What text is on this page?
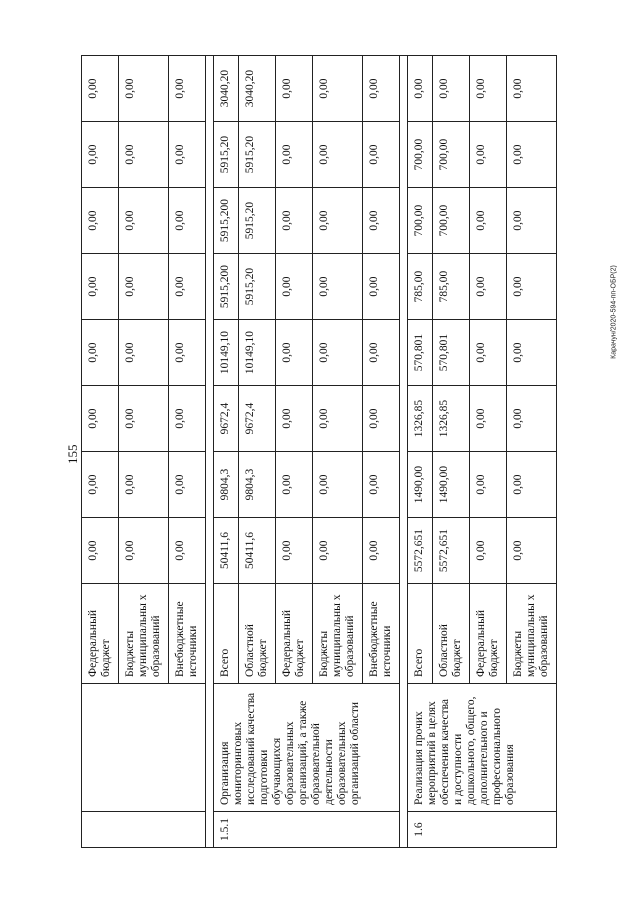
155
		Федеральный бюджет	0,00	0,00	0,00	0,00	0,00	0,00	0,00	0,00
		Бюджеты муниципальны х образований	0,00	0,00	0,00	0,00	0,00	0,00	0,00	0,00
		Внебюджетные источники	0,00	0,00	0,00	0,00	0,00	0,00	0,00	0,00

1.5.1	Организация мониторинговых исследований качества подготовки обучающихся образовательных организаций, а также образовательной деятельности образовательных организаций области	Всего	50411,6	9804,3	9672,4	10149,10	5915,200	5915,200	5915,20	3040,20
		Областной бюджет	50411,6	9804,3	9672,4	10149,10	5915,20	5915,20	5915,20	3040,20
		Федеральный бюджет	0,00	0,00	0,00	0,00	0,00	0,00	0,00	0,00
		Бюджеты муниципальны х образований	0,00	0,00	0,00	0,00	0,00	0,00	0,00	0,00
		Внебюджетные источники	0,00	0,00	0,00	0,00	0,00	0,00	0,00	0,00

1.6	Реализация прочих мероприятий в целях обеспечения качества и доступности дошкольного, общего, дополнительного и профессионального образования	Всего	5572,651	1490,00	1326,85	570,801	785,00	700,00	700,00	0,00
		Областной бюджет	5572,651	1490,00	1326,85	570,801	785,00	700,00	700,00	0,00
		Федеральный бюджет	0,00	0,00	0,00	0,00	0,00	0,00	0,00	0,00
		Бюджеты муниципальны х образований	0,00	0,00	0,00	0,00	0,00	0,00	0,00	0,00
Карачун/2020-594-пп-ОБР(2)
